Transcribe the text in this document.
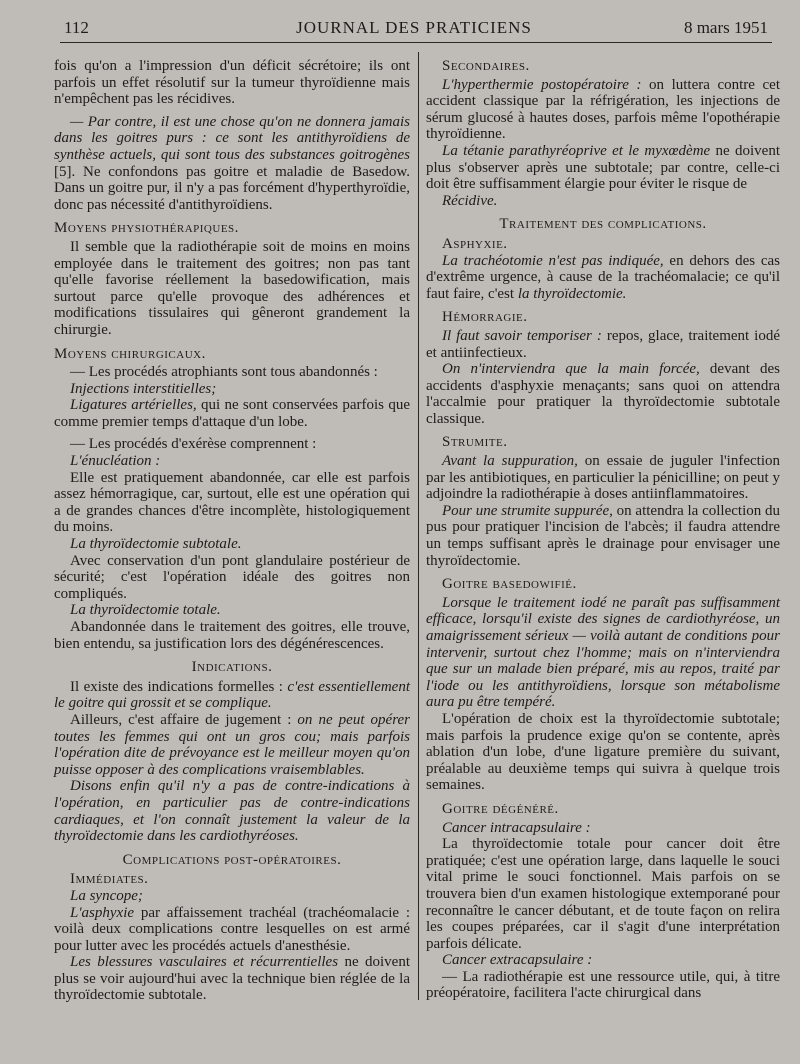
112	JOURNAL DES PRATICIENS	8 mars 1951

fois qu'on a l'impression d'un déficit sécrétoire; ils ont parfois un effet résolutif sur la tumeur thyroïdienne mais n'empêchent pas les récidives.

— Par contre, il est une chose qu'on ne donnera jamais dans les goitres purs : ce sont les antithyroïdiens de synthèse actuels, qui sont tous des substances goitrogènes [5]. Ne confondons pas goitre et maladie de Basedow. Dans un goitre pur, il n'y a pas forcément d'hyperthyroïdie, donc pas nécessité d'antithyroïdiens.

Moyens physiothérapiques.

Il semble que la radiothérapie soit de moins en moins employée dans le traitement des goitres; non pas tant qu'elle favorise réellement la basedowification, mais surtout parce qu'elle provoque des adhérences et modifications tissulaires qui gêneront grandement la chirurgie.

Moyens chirurgicaux.

— Les procédés atrophiants sont tous abandonnés :

Injections interstitielles;

Ligatures artérielles, qui ne sont conservées parfois que comme premier temps d'attaque d'un lobe.

— Les procédés d'exérèse comprennent :

L'énucléation :

Elle est pratiquement abandonnée, car elle est parfois assez hémorragique, car, surtout, elle est une opération qui a de grandes chances d'être incomplète, histologiquement du moins.

La thyroïdectomie subtotale.

Avec conservation d'un pont glandulaire postérieur de sécurité; c'est l'opération idéale des goitres non compliqués.

La thyroïdectomie totale.

Abandonnée dans le traitement des goitres, elle trouve, bien entendu, sa justification lors des dégénérescences.

Indications.

Il existe des indications formelles : c'est essentiellement le goitre qui grossit et se complique.

Ailleurs, c'est affaire de jugement : on ne peut opérer toutes les femmes qui ont un gros cou; mais parfois l'opération dite de prévoyance est le meilleur moyen qu'on puisse opposer à des complications vraisemblables.

Disons enfin qu'il n'y a pas de contre-indications à l'opération, en particulier pas de contre-indications cardiaques, et l'on connaît justement la valeur de la thyroïdectomie dans les cardiothyréoses.

Complications post-opératoires.

Immédiates.

La syncope;

L'asphyxie par affaissement trachéal (trachéomalacie : voilà deux complications contre lesquelles on est armé pour lutter avec les procédés actuels d'anesthésie.

Les blessures vasculaires et récurrentielles ne doivent plus se voir aujourd'hui avec la technique bien réglée de la thyroïdectomie subtotale.

Secondaires.

L'hyperthermie postopératoire : on luttera contre cet accident classique par la réfrigération, les injections de sérum glucosé à hautes doses, parfois même l'opothérapie thyroïdienne.

La tétanie parathyréoprive et le myxœdème ne doivent plus s'observer après une subtotale; par contre, celle-ci doit être suffisamment élargie pour éviter le risque de

Récidive.

Traitement des complications.

Asphyxie.

La trachéotomie n'est pas indiquée, en dehors des cas d'extrême urgence, à cause de la trachéomalacie; ce qu'il faut faire, c'est la thyroïdectomie.

Hémorragie.

Il faut savoir temporiser : repos, glace, traitement iodé et antiinfectieux.

On n'interviendra que la main forcée, devant des accidents d'asphyxie menaçants; sans quoi on attendra l'accalmie pour pratiquer la thyroïdectomie subtotale classique.

Strumite.

Avant la suppuration, on essaie de juguler l'infection par les antibiotiques, en particulier la pénicilline; on peut y adjoindre la radiothérapie à doses antiinflammatoires.

Pour une strumite suppurée, on attendra la collection du pus pour pratiquer l'incision de l'abcès; il faudra attendre un temps suffisant après le drainage pour envisager une thyroïdectomie.

Goitre basedowifié.

Lorsque le traitement iodé ne paraît pas suffisamment efficace, lorsqu'il existe des signes de cardiothyréose, un amaigrissement sérieux — voilà autant de conditions pour intervenir, surtout chez l'homme; mais on n'interviendra que sur un malade bien préparé, mis au repos, traité par l'iode ou les antithyroïdiens, lorsque son métabolisme aura pu être tempéré.

L'opération de choix est la thyroïdectomie subtotale; mais parfois la prudence exige qu'on se contente, après ablation d'un lobe, d'une ligature première du suivant, préalable au deuxième temps qui suivra à quelque trois semaines.

Goitre dégénéré.

Cancer intracapsulaire :

La thyroïdectomie totale pour cancer doit être pratiquée; c'est une opération large, dans laquelle le souci vital prime le souci fonctionnel. Mais parfois on se trouvera bien d'un examen histologique extemporané pour reconnaître le cancer débutant, et de toute façon on relira les coupes préparées, car il s'agit d'une interprétation parfois délicate.

Cancer extracapsulaire :

— La radiothérapie est une ressource utile, qui, à titre préopératoire, facilitera l'acte chirurgical dans
